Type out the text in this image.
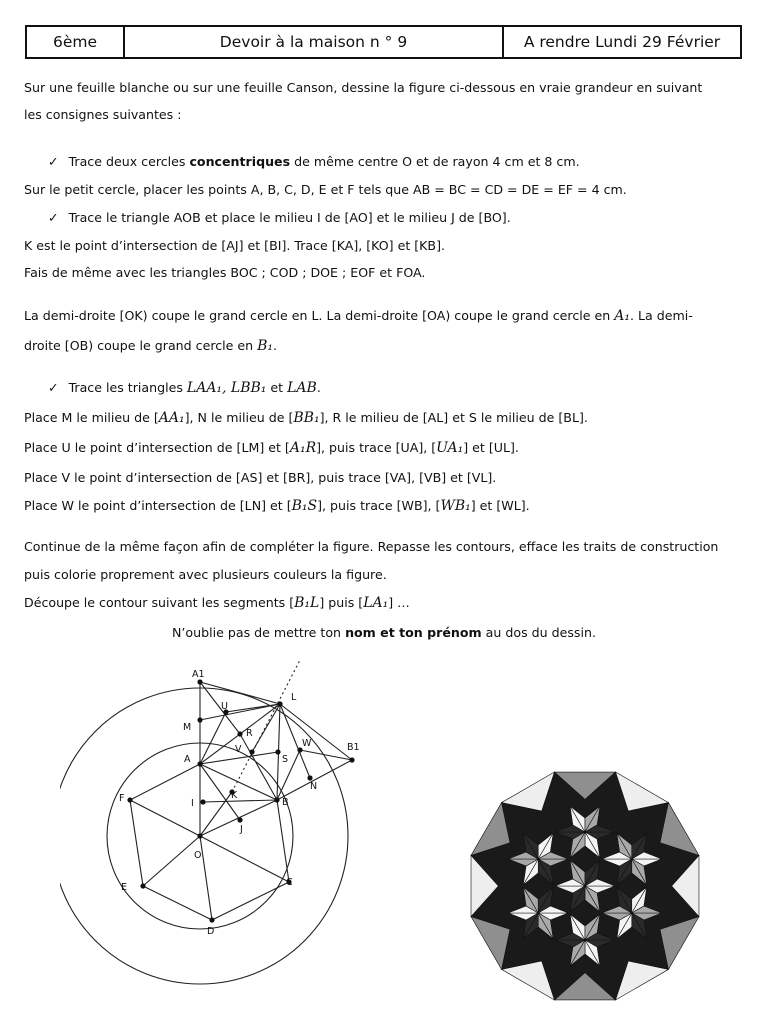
6ème	Devoir à la maison n ° 9	A rendre Lundi 29 Février
Sur une feuille blanche ou sur une feuille Canson, dessine la figure ci-dessous en vraie grandeur en suivant
les consignes suivantes :
✓ Trace deux cercles concentriques de même centre O et de rayon 4 cm et 8 cm.
Sur le petit cercle, placer les points A, B, C, D, E et F tels que AB = BC = CD = DE = EF = 4 cm.
✓ Trace le triangle AOB et place le milieu I de [AO] et le milieu J de [BO].
K est le point d’intersection de [AJ] et [BI]. Trace [KA], [KO] et [KB].
Fais de même avec les triangles BOC ; COD ; DOE ; EOF et FOA.
La demi-droite [OK) coupe le grand cercle en L. La demi-droite [OA) coupe le grand cercle en A₁. La demi-
droite [OB) coupe le grand cercle en B₁.
✓ Trace les triangles LAA₁, LBB₁ et LAB.
Place M le milieu de [AA₁], N le milieu de [BB₁], R le milieu de [AL] et S le milieu de [BL].
Place U le point d’intersection de [LM] et [A₁R], puis trace [UA], [UA₁] et [UL].
Place V le point d’intersection de [AS] et [BR], puis trace [VA], [VB] et [VL].
Place W le point d’intersection de [LN] et [B₁S], puis trace [WB], [WB₁] et [WL].
Continue de la même façon afin de compléter la figure. Repasse les contours, efface les traits de construction
puis colorie proprement avec plusieurs couleurs la figure.
Découpe le contour suivant les segments [B₁L] puis [LA₁] …
N’oublie pas de mettre ton nom et ton prénom au dos du dessin.
A1
L
M
U
R
V
W
S
B1
A
N
F	I
K
B
J
O
E	C
D
